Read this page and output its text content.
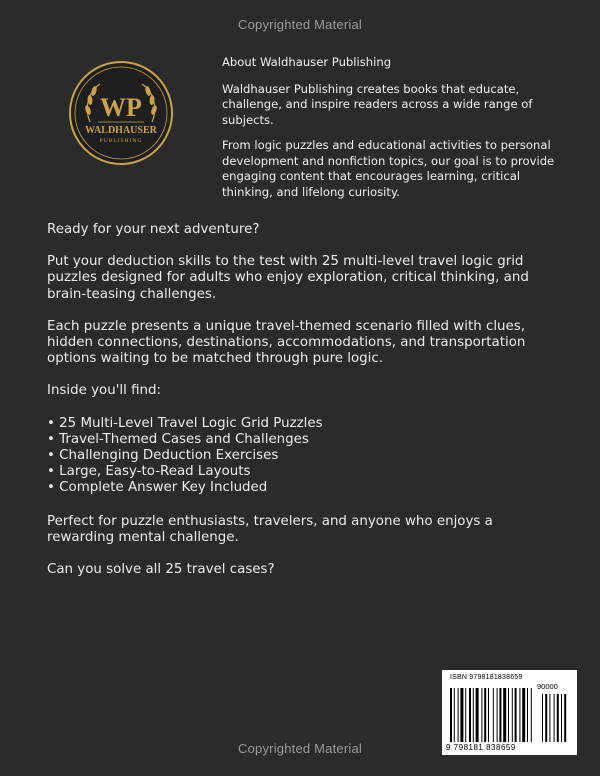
Copyrighted Material
WP
WALDHAUSER
PUBLISHING

About Waldhauser Publishing

Waldhauser Publishing creates books that educate, challenge, and inspire readers across a wide range of subjects.

From logic puzzles and educational activities to personal development and nonfiction topics, our goal is to provide engaging content that encourages learning, critical thinking, and lifelong curiosity.

Ready for your next adventure?

Put your deduction skills to the test with 25 multi-level travel logic grid puzzles designed for adults who enjoy exploration, critical thinking, and brain-teasing challenges.

Each puzzle presents a unique travel-themed scenario filled with clues, hidden connections, destinations, accommodations, and transportation options waiting to be matched through pure logic.

Inside you'll find:

• 25 Multi-Level Travel Logic Grid Puzzles
• Travel-Themed Cases and Challenges
• Challenging Deduction Exercises
• Large, Easy-to-Read Layouts
• Complete Answer Key Included

Perfect for puzzle enthusiasts, travelers, and anyone who enjoys a rewarding mental challenge.

Can you solve all 25 travel cases?

ISBN 9798181838659
90000
9 798181 838659
Copyrighted Material
